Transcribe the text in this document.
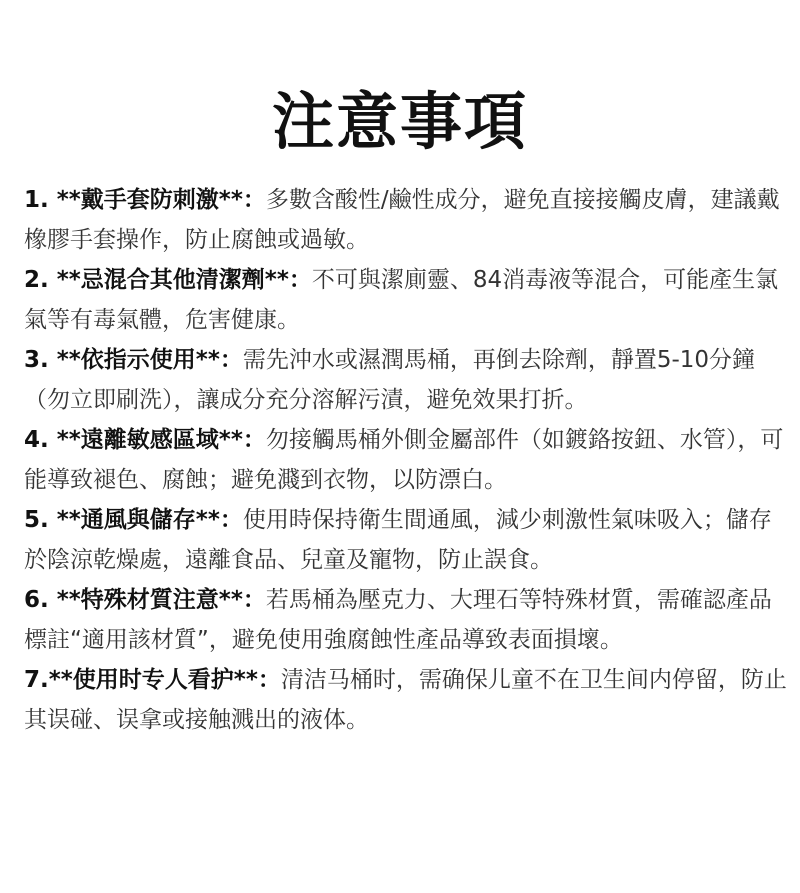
注意事項
1. **戴手套防刺激**：多數含酸性/鹼性成分，避免直接接觸皮膚，建議戴橡膠手套操作，防止腐蝕或過敏。
2. **忌混合其他清潔劑**：不可與潔廁靈、84消毒液等混合，可能產生氯氣等有毒氣體，危害健康。
3. **依指示使用**：需先沖水或濕潤馬桶，再倒去除劑，靜置5-10分鐘（勿立即刷洗），讓成分充分溶解污漬，避免效果打折。
4. **遠離敏感區域**：勿接觸馬桶外側金屬部件（如鍍鉻按鈕、水管），可能導致褪色、腐蝕；避免濺到衣物，以防漂白。
5. **通風與儲存**：使用時保持衛生間通風，減少刺激性氣味吸入；儲存於陰涼乾燥處，遠離食品、兒童及寵物，防止誤食。
6. **特殊材質注意**：若馬桶為壓克力、大理石等特殊材質，需確認產品標註“適用該材質”，避免使用強腐蝕性產品導致表面損壞。
7.**使用时专人看护**：清洁马桶时，需确保儿童不在卫生间内停留，防止其误碰、误拿或接触溅出的液体。
